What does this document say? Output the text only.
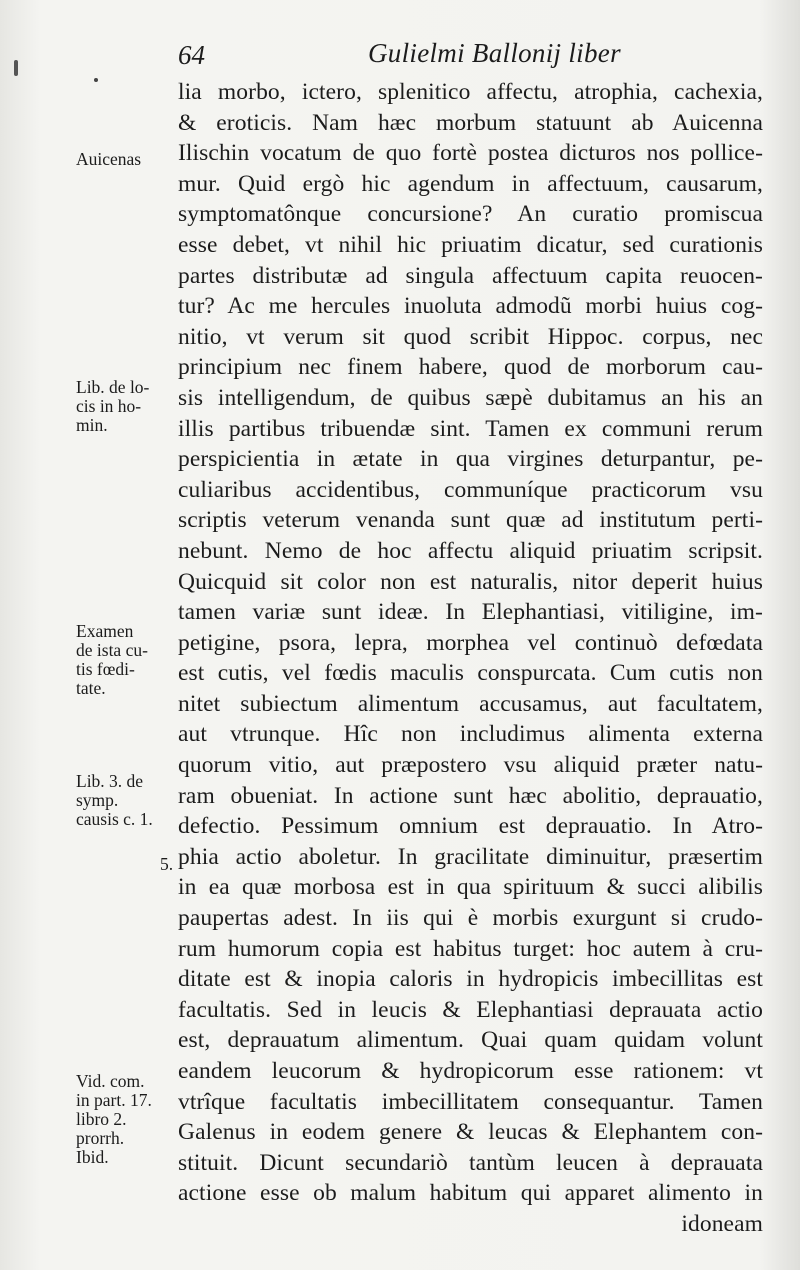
64	Gulielmi Ballonij liber
lia morbo, ictero, splenitico affectu, atrophia, cachexia,
& eroticis. Nam hæc morbum statuunt ab Auicenna
Ilischin vocatum de quo fortè postea dicturos nos pollice-
mur. Quid ergò hic agendum in affectuum, causarum,
symptomatônque concursione? An curatio promiscua
esse debet, vt nihil hic priuatim dicatur, sed curationis
partes distributæ ad singula affectuum capita reuocen-
tur? Ac me hercules inuoluta admodũ morbi huius cog-
nitio, vt verum sit quod scribit Hippoc. corpus, nec
principium nec finem habere, quod de morborum cau-
sis intelligendum, de quibus sæpè dubitamus an his an
illis partibus tribuendæ sint. Tamen ex communi rerum
perspicientia in ætate in qua virgines deturpantur, pe-
culiaribus accidentibus, communíque practicorum vsu
scriptis veterum venanda sunt quæ ad institutum perti-
nebunt. Nemo de hoc affectu aliquid priuatim scripsit.
Quicquid sit color non est naturalis, nitor deperit huius
tamen variæ sunt ideæ. In Elephantiasi, vitiligine, im-
petigine, psora, lepra, morphea vel continuò defœdata
est cutis, vel fœdis maculis conspurcata. Cum cutis non
nitet subiectum alimentum accusamus, aut facultatem,
aut vtrunque. Hîc non includimus alimenta externa
quorum vitio, aut præpostero vsu aliquid præter natu-
ram obueniat. In actione sunt hæc abolitio, deprauatio,
defectio. Pessimum omnium est deprauatio. In Atro-
phia actio aboletur. In gracilitate diminuitur, præsertim
in ea quæ morbosa est in qua spirituum & succi alibilis
paupertas adest. In iis qui è morbis exurgunt si crudo-
rum humorum copia est habitus turget: hoc autem à cru-
ditate est & inopia caloris in hydropicis imbecillitas est
facultatis. Sed in leucis & Elephantiasi deprauata actio
est, deprauatum alimentum. Quai quam quidam volunt
eandem leucorum & hydropicorum esse rationem: vt
vtrîque facultatis imbecillitatem consequantur. Tamen
Galenus in eodem genere & leucas & Elephantem con-
stituit. Dicunt secundariò tantùm leucen à deprauata
actione esse ob malum habitum qui apparet alimento in
idoneam
Auicenas
Lib. de lo-
cis in ho-
min.
Examen
de ista cu-
tis fœdi-
tate.
Lib. 3. de
symp.
causis c. 1.
5.
Vid. com.
in part. 17.
libro 2.
prorrh.
Ibid.
